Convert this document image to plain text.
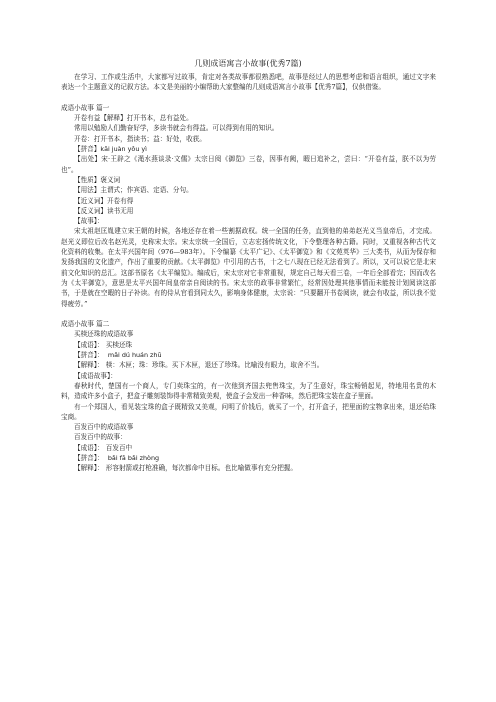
几则成语寓言小故事(优秀7篇)

在学习、工作或生活中，大家都写过故事，肯定对各类故事都很熟悉吧，故事是经过人的思想考虑和语言组织，通过文字来表达一个主题意义的记叙方法。本文是美丽的小编帮助大家整编的几则成语寓言小故事【优秀7篇】，仅供借鉴。

成语小故事 篇一

开卷有益【解释】打开书本，总有益处。

常用以勉励人们勤奋好学，多读书就会有得益。可以得到有用的知识。

开卷：打开书本，指读书；益：好处，收获。

【拼音】kāi juàn yǒu yì

【出处】宋·王辟之《渑水燕谈录·文儒》太宗日阅《御览》三卷，因事有阙，暇日追补之，尝曰：“开卷有益，朕不以为劳也”。

【性质】褒义词

【用法】主谓式；作宾语、定语、分句。

【近义词】开卷有得

【反义词】读书无用

【故事】：

宋太祖赵匡胤建立宋王朝的时候，各地还存在着一些割据政权。统一全国的任务，直到他的弟弟赵光义当皇帝后，才完成。赵光义即位后改名赵光灵，史称宋太宗。宋太宗统一全国后，立志宏扬传统文化，下令整理各种古籍。同时，又重视各种古代文化资料的收集。在太平兴国年间（976—983年）。下令编纂《太平广记》、《太平御览》和《文苑英华》三大类书，从而为保存和发扬我国的文化遗产，作出了重要的贡献。《太平御览》中引用的古书，十之七八现在已经无法看到了。所以，又可以说它是北宋前文化知识的总汇。这部书原名《太平编览》。编成后，宋太宗对它非常重视，规定自己每天看三卷，一年后全部看完；因而改名为《太平御览》，意思是太平兴国年间皇帝亲自阅读的书。宋太宗的政事非常繁忙，经常因处理其他事情而未能按计划阅读这部书，于是就在空暇的日子补读。有的侍从官看到同太久，影响身体健康，太宗说：“只要翻开书卷阅读，就会有收益，所以我不觉得疲劳。”

成语小故事 篇二

买椟还珠的成语故事

【成语】： 买椟还珠

【拼音】： mǎi dú huán zhū

【解释】： 椟：木匣；珠：珍珠。买下木匣，退还了珍珠。比喻没有眼力，取舍不当。

【成语故事】：

春秋时代，楚国有一个商人，专门卖珠宝的，有一次他到齐国去兜售珠宝，为了生意好，珠宝畅销起见，特地用名贵的木料，造成许多小盒子，把盒子雕刻装饰得非常精致美观，使盒子会发出一种香味，然后把珠宝装在盒子里面。

有一个郑国人，看见装宝珠的盒子既精致又美观，问明了价钱后，就买了一个，打开盒子，把里面的宝物拿出来，退还给珠宝商。

百发百中的成语故事

百发百中的故事：

【成语】： 百发百中

【拼音】： bǎi fā bǎi zhòng

【解释】： 形容射箭或打枪准确，每次都命中目标。也比喻做事有充分把握。
